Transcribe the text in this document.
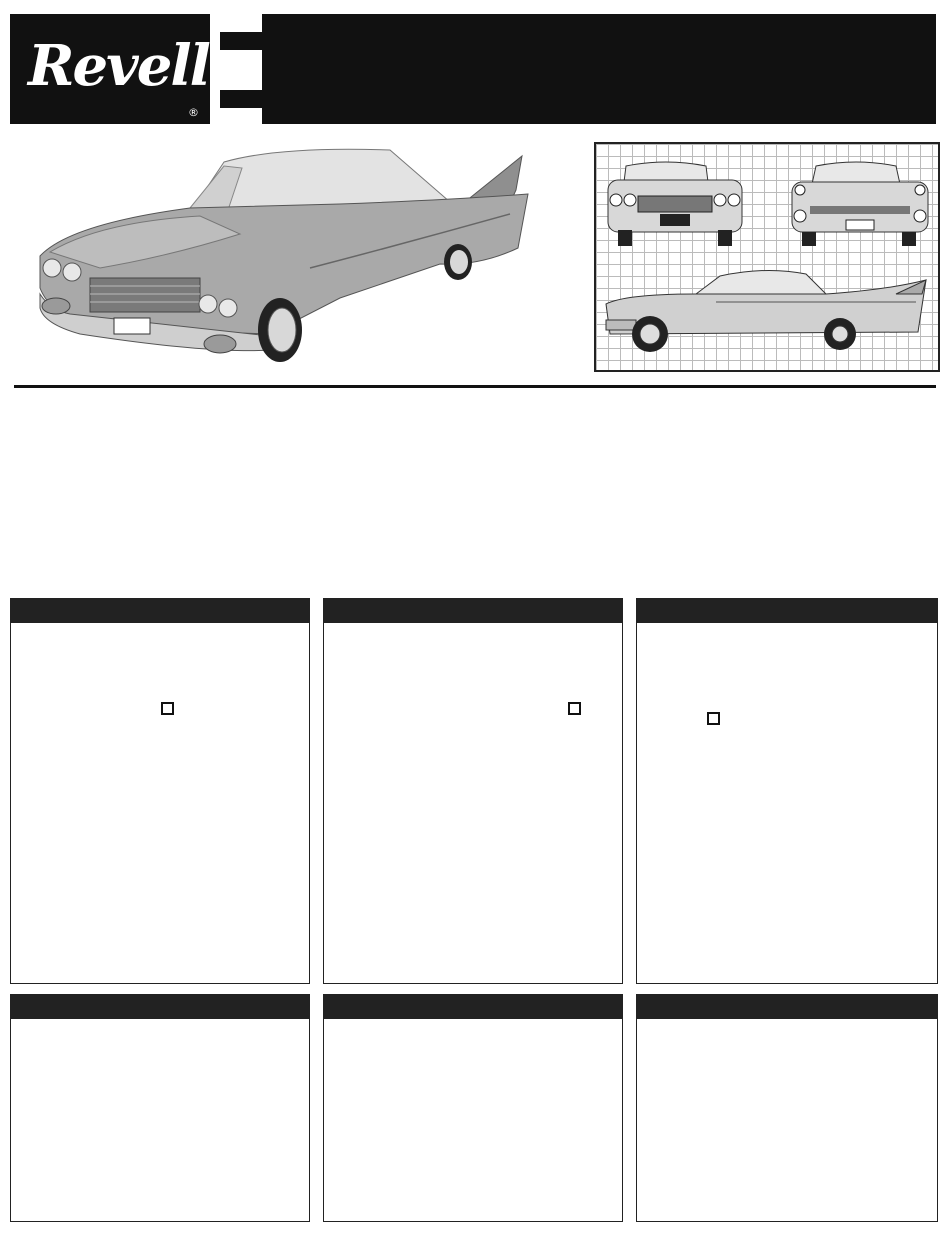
Revell
®
